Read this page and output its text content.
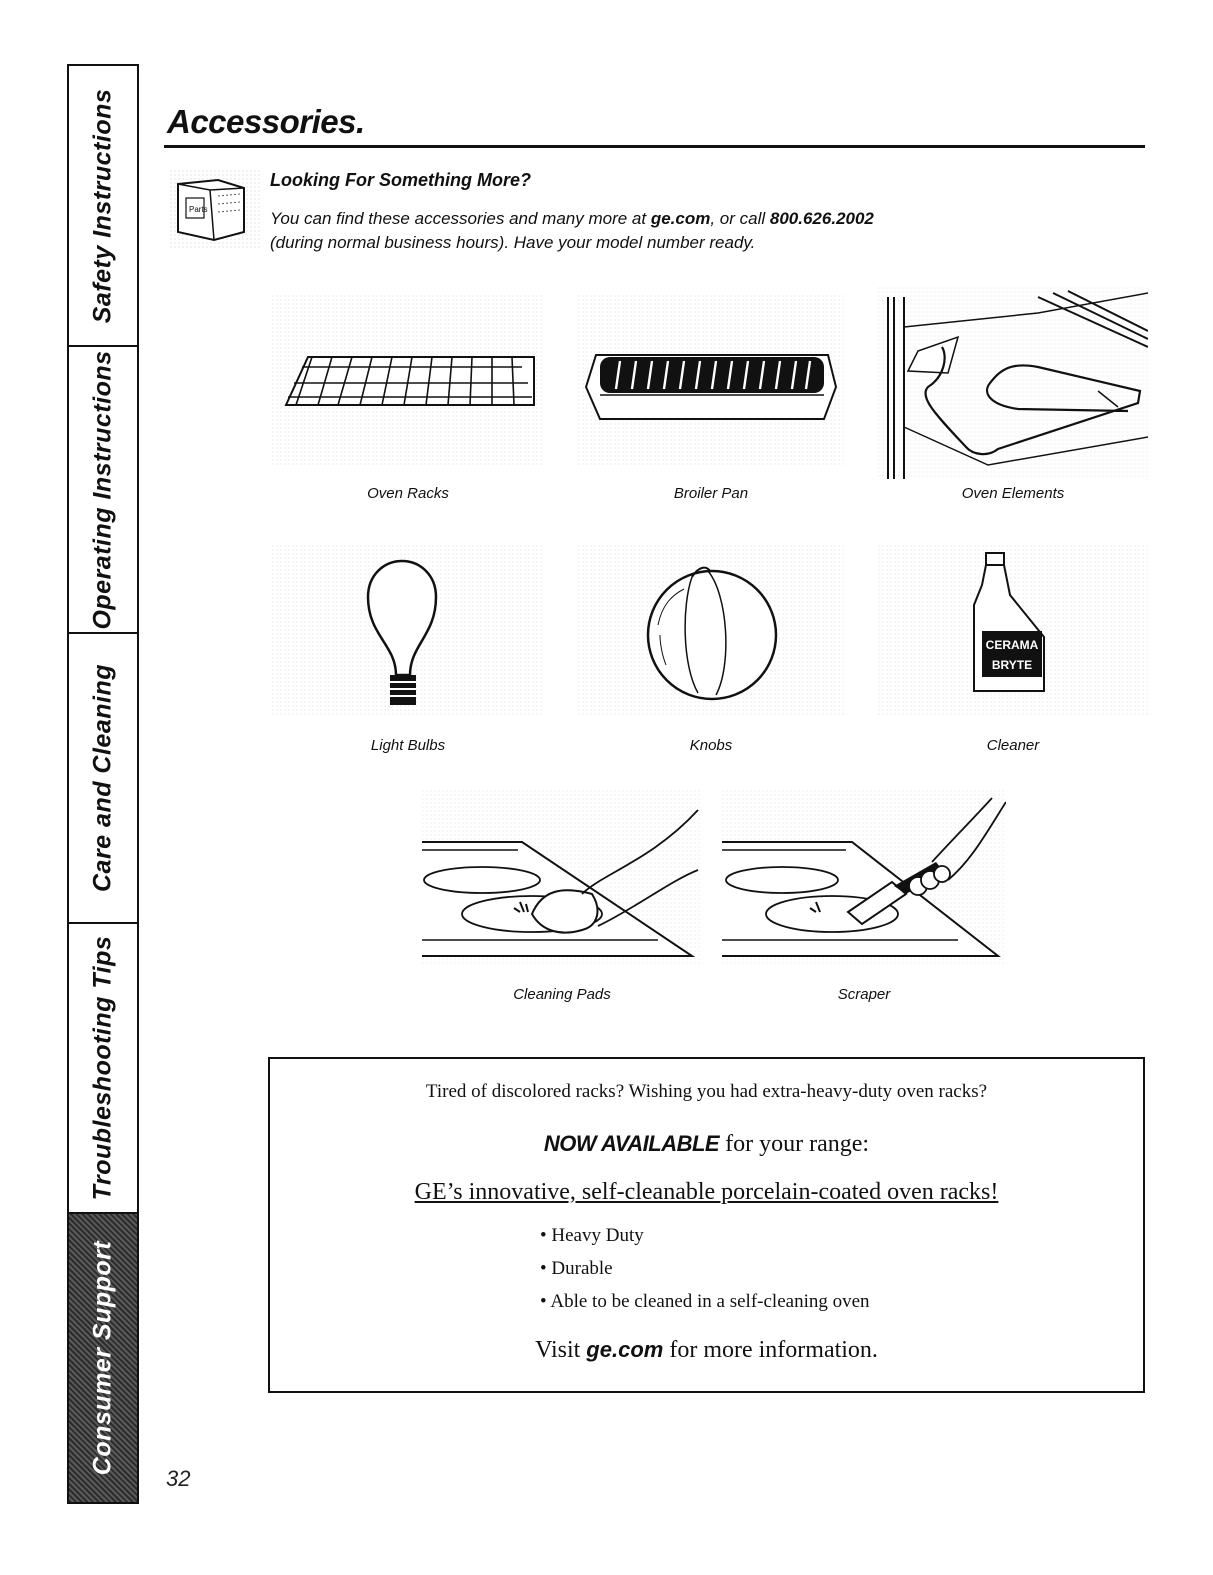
Safety Instructions
Operating Instructions
Care and Cleaning
Troubleshooting Tips
Consumer Support
Accessories.
Parts
Looking For Something More?
You can find these accessories and many more at ge.com, or call 800.626.2002
(during normal business hours). Have your model number ready.
Oven Racks	Broiler Pan	Oven Elements
Light Bulbs	Knobs
CERAMA
BRYTE
Cleaner
Cleaning Pads	Scraper
Tired of discolored racks? Wishing you had extra-heavy-duty oven racks?
NOW AVAILABLE for your range:
GE’s innovative, self-cleanable porcelain-coated oven racks!
• Heavy Duty
• Durable
• Able to be cleaned in a self-cleaning oven
Visit ge.com for more information.
32
